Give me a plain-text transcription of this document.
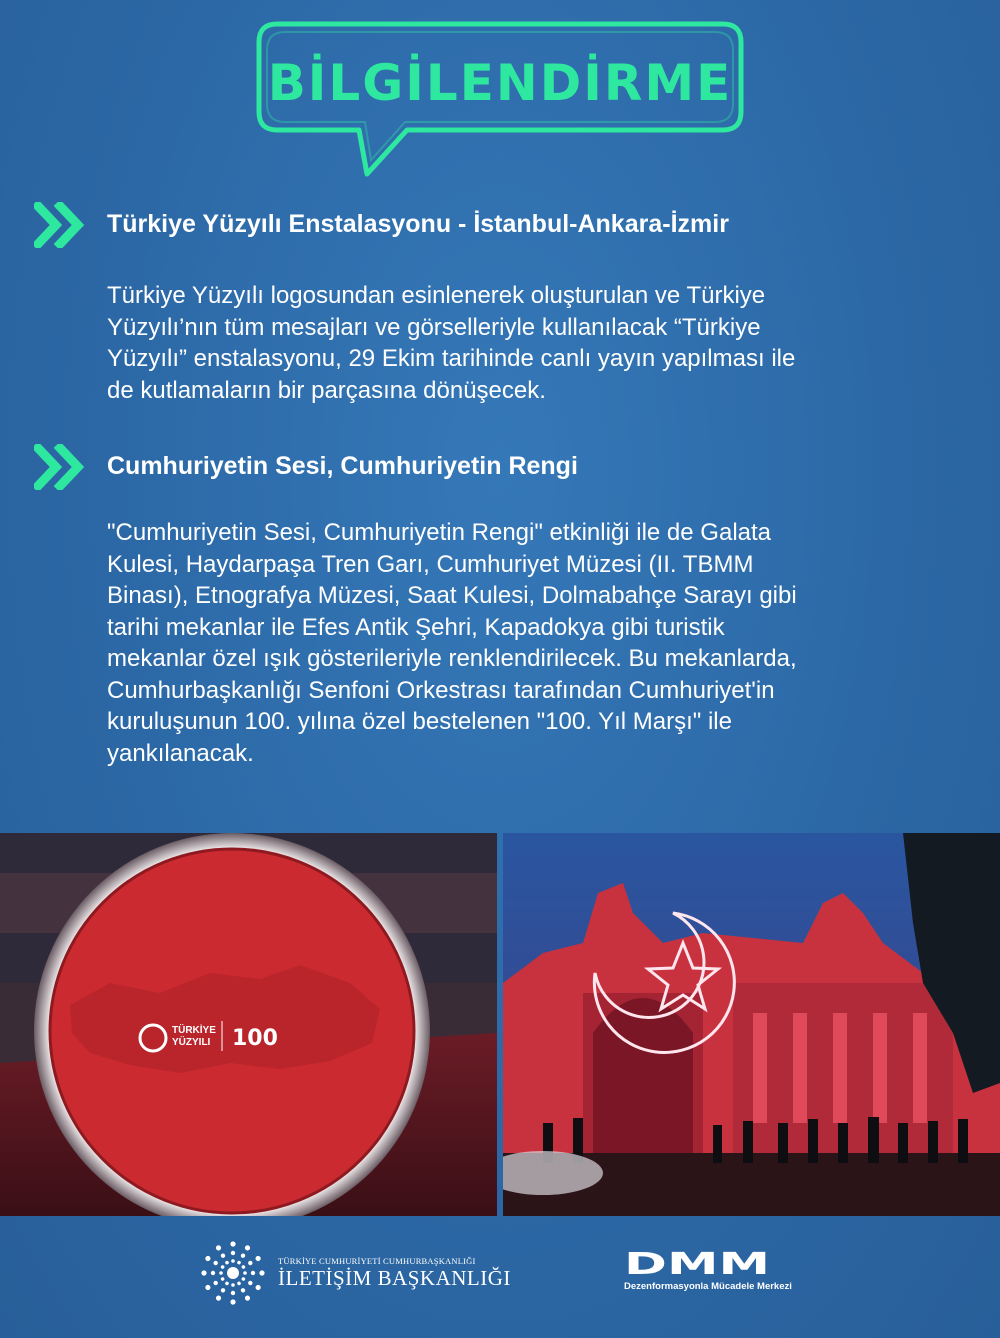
BİLGİLENDİRME
Türkiye Yüzyılı Enstalasyonu - İstanbul-Ankara-İzmir

Türkiye Yüzyılı logosundan esinlenerek oluşturulan ve Türkiye
Yüzyılı’nın tüm mesajları ve görselleriyle kullanılacak “Türkiye
Yüzyılı” enstalasyonu, 29 Ekim tarihinde canlı yayın yapılması ile
de kutlamaların bir parçasına dönüşecek.

Cumhuriyetin Sesi, Cumhuriyetin Rengi

"Cumhuriyetin Sesi, Cumhuriyetin Rengi" etkinliği ile de Galata
Kulesi, Haydarpaşa Tren Garı, Cumhuriyet Müzesi (II. TBMM
Binası), Etnografya Müzesi, Saat Kulesi, Dolmabahçe Sarayı gibi
tarihi mekanlar ile Efes Antik Şehri, Kapadokya gibi turistik
mekanlar özel ışık gösterileriyle renklendirilecek. Bu mekanlarda,
Cumhurbaşkanlığı Senfoni Orkestrası tarafından Cumhuriyet'in
kuruluşunun 100. yılına özel bestelenen "100. Yıl Marşı" ile
yankılanacak.

TÜRKİYE
YÜZYILI 100
TÜRKİYE CUMHURİYETİ CUMHURBAŞKANLIĞI
İLETİŞİM BAŞKANLIĞI	DMM
Dezenformasyonla Mücadele Merkezi
